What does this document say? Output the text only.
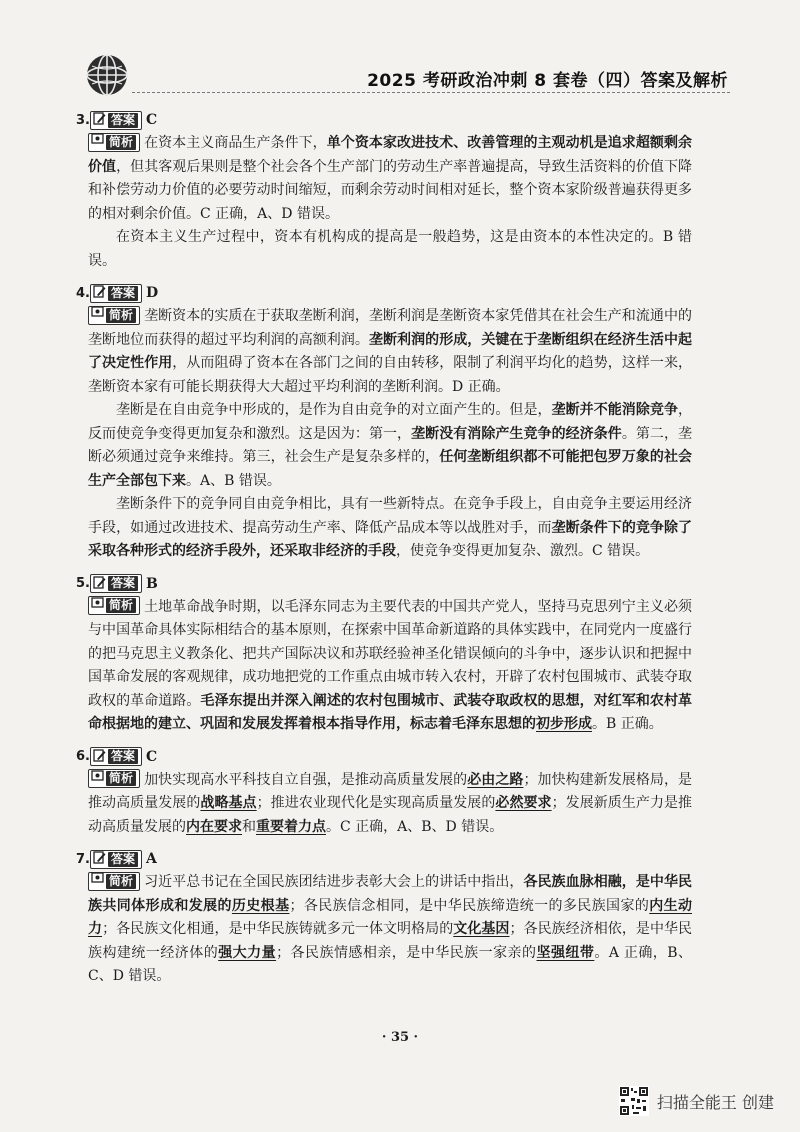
2025 考研政治冲刺 8 套卷（四）答案及解析
3. 答案 C
简析 在资本主义商品生产条件下，单个资本家改进技术、改善管理的主观动机是追求超额剩余价值，但其客观后果则是整个社会各个生产部门的劳动生产率普遍提高，导致生活资料的价值下降和补偿劳动力价值的必要劳动时间缩短，而剩余劳动时间相对延长，整个资本家阶级普遍获得更多的相对剩余价值。C 正确，A、D 错误。
在资本主义生产过程中，资本有机构成的提高是一般趋势，这是由资本的本性决定的。B 错误。
4. 答案 D
简析 垄断资本的实质在于获取垄断利润，垄断利润是垄断资本家凭借其在社会生产和流通中的垄断地位而获得的超过平均利润的高额利润。垄断利润的形成，关键在于垄断组织在经济生活中起了决定性作用，从而阻碍了资本在各部门之间的自由转移，限制了利润平均化的趋势，这样一来，垄断资本家有可能长期获得大大超过平均利润的垄断利润。D 正确。
垄断是在自由竞争中形成的，是作为自由竞争的对立面产生的。但是，垄断并不能消除竞争，反而使竞争变得更加复杂和激烈。这是因为：第一，垄断没有消除产生竞争的经济条件。第二，垄断必须通过竞争来维持。第三，社会生产是复杂多样的，任何垄断组织都不可能把包罗万象的社会生产全部包下来。A、B 错误。
垄断条件下的竞争同自由竞争相比，具有一些新特点。在竞争手段上，自由竞争主要运用经济手段，如通过改进技术、提高劳动生产率、降低产品成本等以战胜对手，而垄断条件下的竞争除了采取各种形式的经济手段外，还采取非经济的手段，使竞争变得更加复杂、激烈。C 错误。
5. 答案 B
简析 土地革命战争时期，以毛泽东同志为主要代表的中国共产党人，坚持马克思列宁主义必须与中国革命具体实际相结合的基本原则，在探索中国革命新道路的具体实践中，在同党内一度盛行的把马克思主义教条化、把共产国际决议和苏联经验神圣化错误倾向的斗争中，逐步认识和把握中国革命发展的客观规律，成功地把党的工作重点由城市转入农村，开辟了农村包围城市、武装夺取政权的革命道路。毛泽东提出并深入阐述的农村包围城市、武装夺取政权的思想，对红军和农村革命根据地的建立、巩固和发展发挥着根本指导作用，标志着毛泽东思想的初步形成。B 正确。
6. 答案 C
简析 加快实现高水平科技自立自强，是推动高质量发展的必由之路；加快构建新发展格局，是推动高质量发展的战略基点；推进农业现代化是实现高质量发展的必然要求；发展新质生产力是推动高质量发展的内在要求和重要着力点。C 正确，A、B、D 错误。
7. 答案 A
简析 习近平总书记在全国民族团结进步表彰大会上的讲话中指出，各民族血脉相融，是中华民族共同体形成和发展的历史根基；各民族信念相同，是中华民族缔造统一的多民族国家的内生动力；各民族文化相通，是中华民族铸就多元一体文明格局的文化基因；各民族经济相依，是中华民族构建统一经济体的强大力量；各民族情感相亲，是中华民族一家亲的坚强纽带。A 正确，B、C、D 错误。
· 35 ·
扫描全能王 创建
